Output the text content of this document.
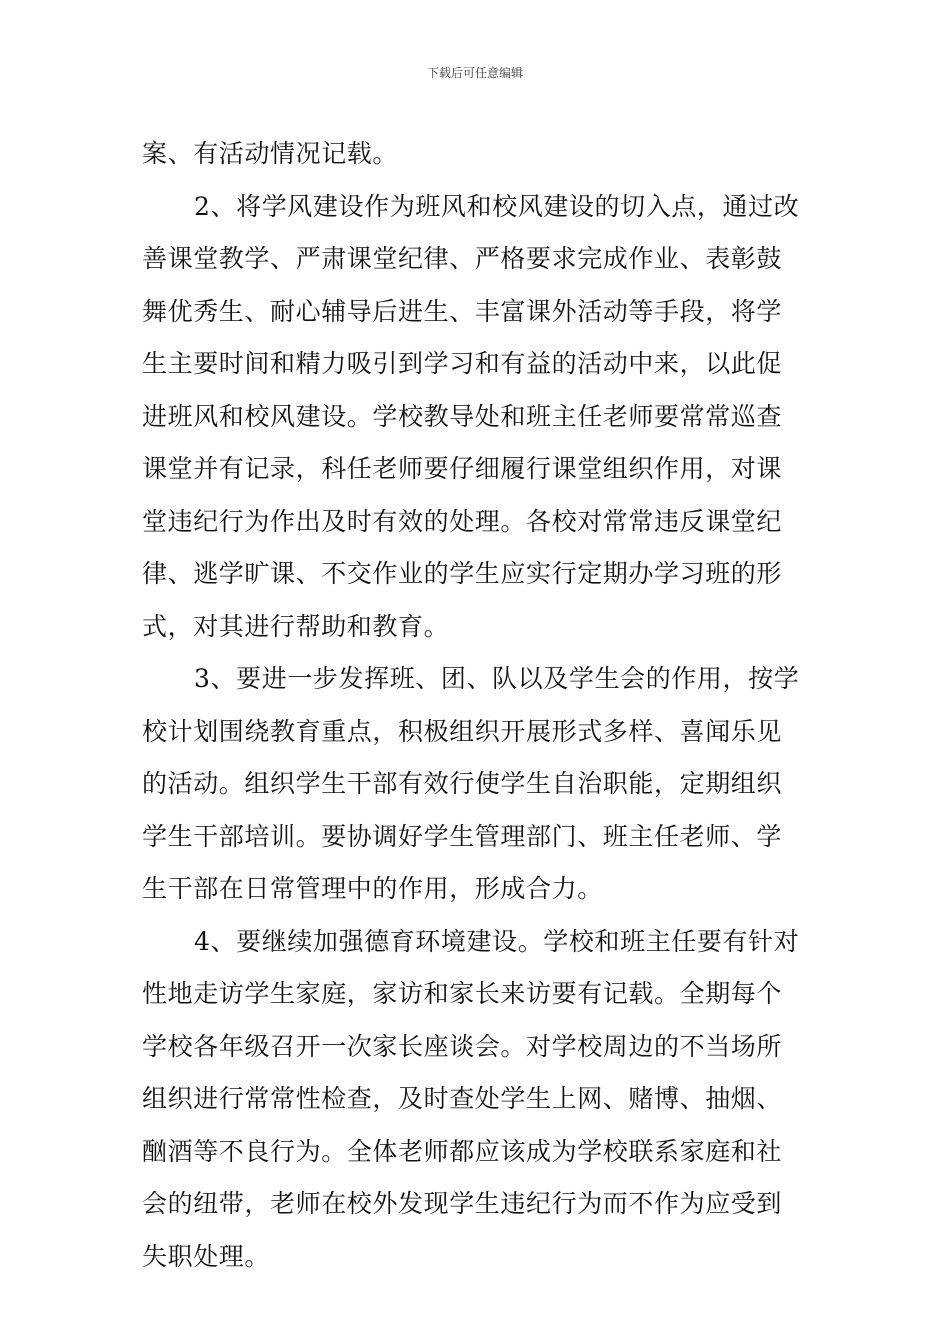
下载后可任意编辑
案、有活动情况记载。
2、将学风建设作为班风和校风建设的切入点，通过改
善课堂教学、严肃课堂纪律、严格要求完成作业、表彰鼓
舞优秀生、耐心辅导后进生、丰富课外活动等手段，将学
生主要时间和精力吸引到学习和有益的活动中来，以此促
进班风和校风建设。学校教导处和班主任老师要常常巡查
课堂并有记录，科任老师要仔细履行课堂组织作用，对课
堂违纪行为作出及时有效的处理。各校对常常违反课堂纪
律、逃学旷课、不交作业的学生应实行定期办学习班的形
式，对其进行帮助和教育。
3、要进一步发挥班、团、队以及学生会的作用，按学
校计划围绕教育重点，积极组织开展形式多样、喜闻乐见
的活动。组织学生干部有效行使学生自治职能，定期组织
学生干部培训。要协调好学生管理部门、班主任老师、学
生干部在日常管理中的作用，形成合力。
4、要继续加强德育环境建设。学校和班主任要有针对
性地走访学生家庭，家访和家长来访要有记载。全期每个
学校各年级召开一次家长座谈会。对学校周边的不当场所
组织进行常常性检查，及时查处学生上网、赌博、抽烟、
酗酒等不良行为。全体老师都应该成为学校联系家庭和社
会的纽带，老师在校外发现学生违纪行为而不作为应受到
失职处理。
